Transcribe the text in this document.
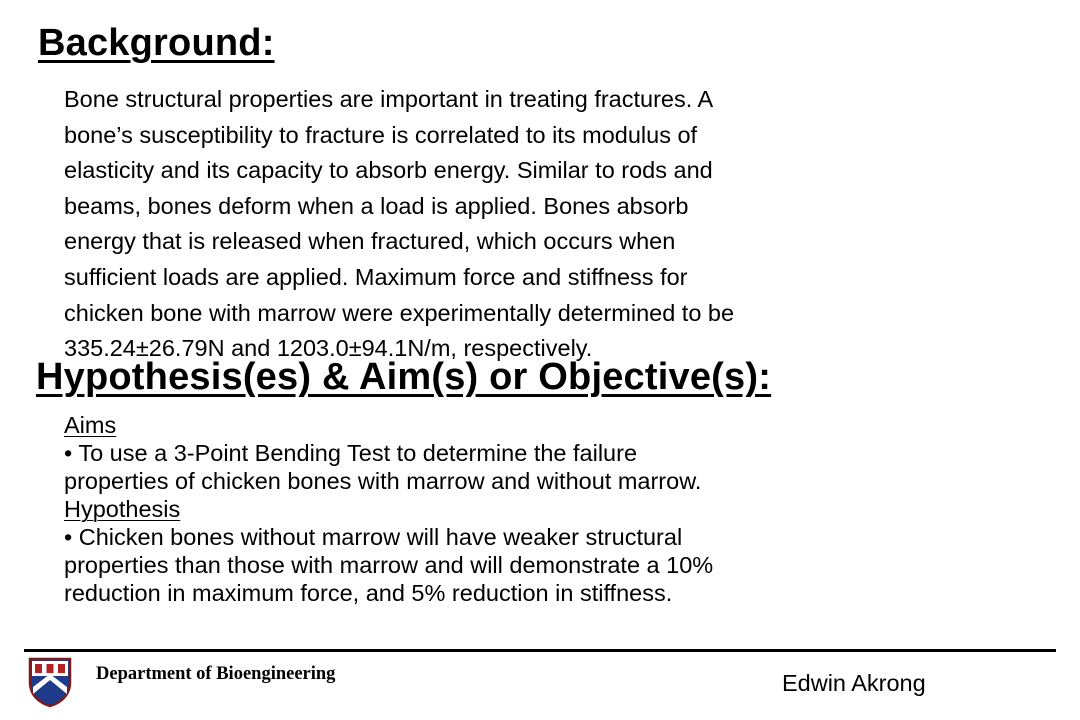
Background:
Bone structural properties are important in treating fractures. A
bone’s susceptibility to fracture is correlated to its modulus of
elasticity and its capacity to absorb energy. Similar to rods and
beams, bones deform when a load is applied. Bones absorb
energy that is released when fractured, which occurs when
sufficient loads are applied. Maximum force and stiffness for
chicken bone with marrow were experimentally determined to be
335.24±26.79N and 1203.0±94.1N/m, respectively.
Hypothesis(es) & Aim(s) or Objective(s):
Aims
• To use a 3-Point Bending Test to determine the failure
properties of chicken bones with marrow and without marrow.
Hypothesis
• Chicken bones without marrow will have weaker structural
properties than those with marrow and will demonstrate a 10%
reduction in maximum force, and 5% reduction in stiffness.
Department of Bioengineering	Edwin Akrong
